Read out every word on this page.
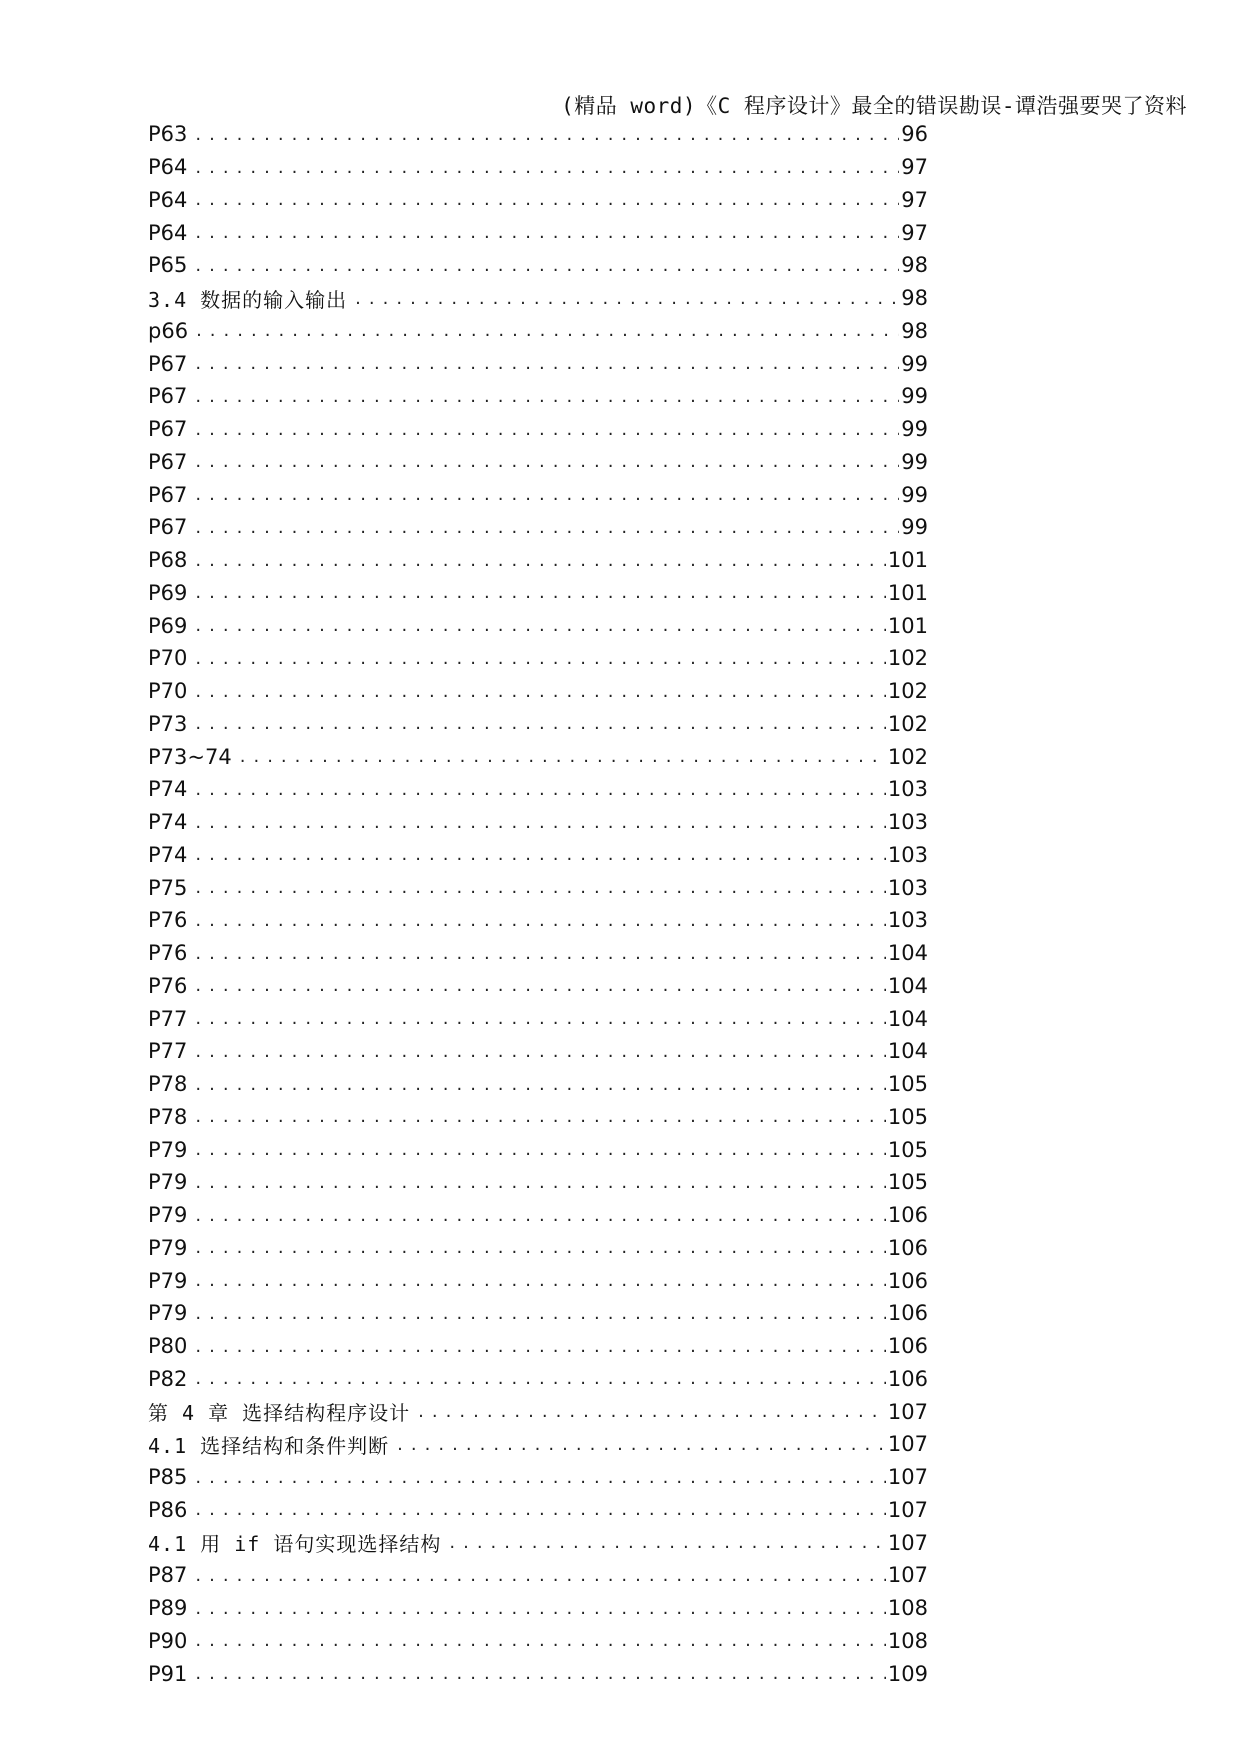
(精品 word)《C 程序设计》最全的错误勘误-谭浩强要哭了资料
P63 . . .	96
P64 . . .	97
P64 . . .	97
P64 . . .	97
P65 . . .	98
3.4 数据的输入输出 . . .	98
p66 . . .	98
P67 . . .	99
P67 . . .	99
P67 . . .	99
P67 . . .	99
P67 . . .	99
P67 . . .	99
P68 . . .	101
P69 . . .	101
P69 . . .	101
P70 . . .	102
P70 . . .	102
P73 . . .	102
P73~74 . . .	102
P74 . . .	103
P74 . . .	103
P74 . . .	103
P75 . . .	103
P76 . . .	103
P76 . . .	104
P76 . . .	104
P77 . . .	104
P77 . . .	104
P78 . . .	105
P78 . . .	105
P79 . . .	105
P79 . . .	105
P79 . . .	106
P79 . . .	106
P79 . . .	106
P79 . . .	106
P80 . . .	106
P82 . . .	106
第 4 章 选择结构程序设计 . . .	107
4.1 选择结构和条件判断 . . .	107
P85 . . .	107
P86 . . .	107
4.1 用 if 语句实现选择结构 . . .	107
P87 . . .	107
P89 . . .	108
P90 . . .	108
P91 . . .	109
